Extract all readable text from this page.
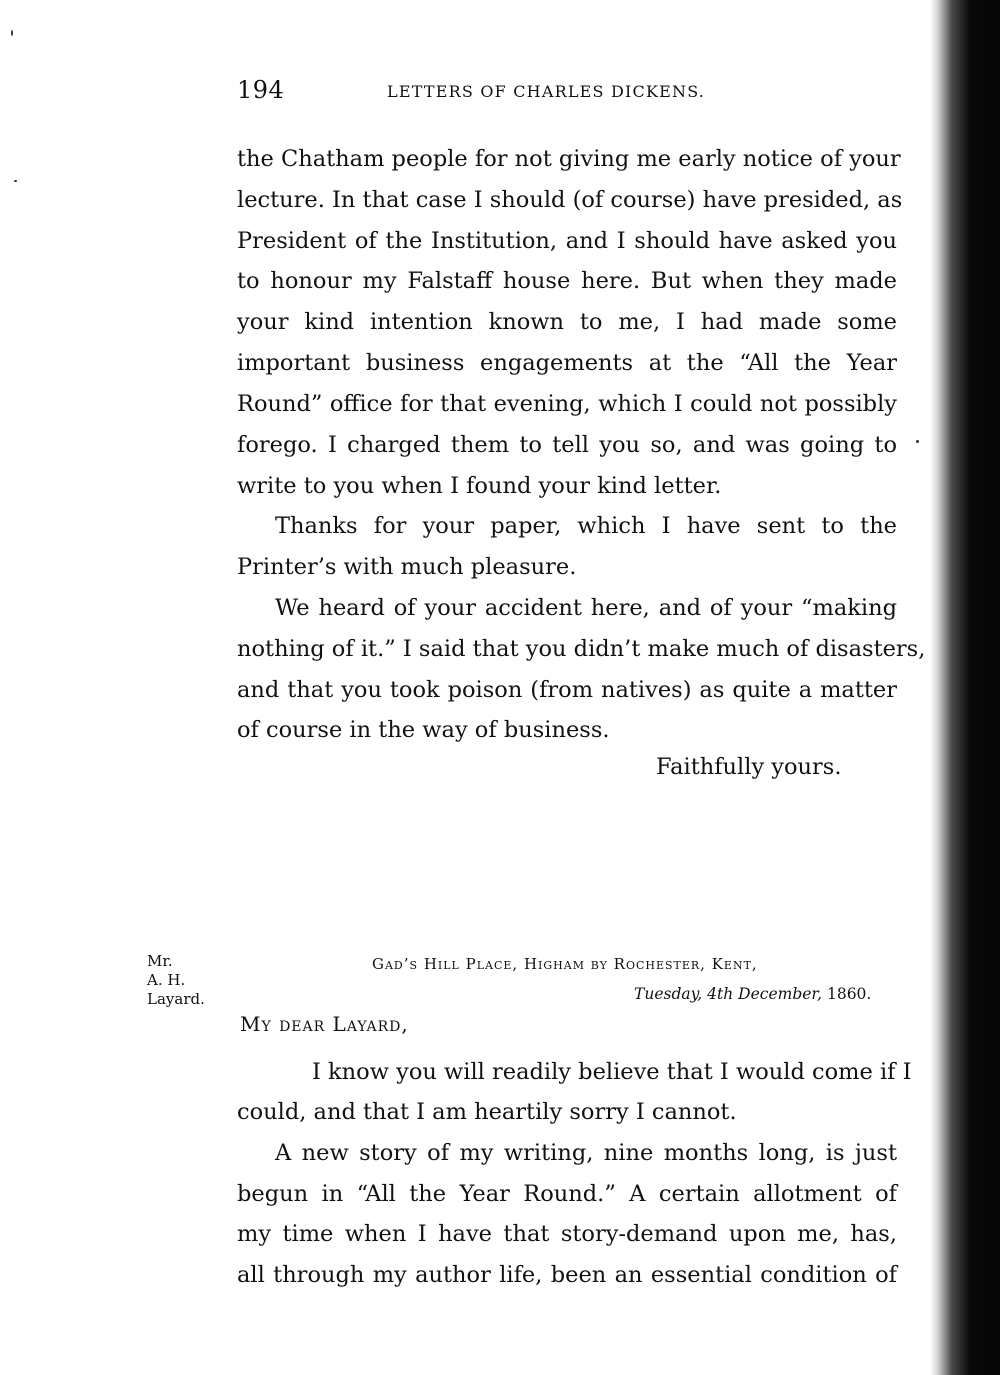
194	LETTERS OF CHARLES DICKENS.
the Chatham people for not giving me early notice of your
lecture. In that case I should (of course) have presided, as
President of the Institution, and I should have asked you
to honour my Falstaff house here. But when they made
your kind intention known to me, I had made some
important business engagements at the “All the Year
Round” office for that evening, which I could not possibly
forego. I charged them to tell you so, and was going to
write to you when I found your kind letter.
Thanks for your paper, which I have sent to the
Printer’s with much pleasure.
We heard of your accident here, and of your “making
nothing of it.” I said that you didn’t make much of disasters,
and that you took poison (from natives) as quite a matter
of course in the way of business.
Faithfully yours.
Mr.
A. H.
Layard.
Gad’s Hill Place, Higham by Rochester, Kent,
Tuesday, 4th December, 1860.
My dear Layard,
I know you will readily believe that I would come if I
could, and that I am heartily sorry I cannot.
A new story of my writing, nine months long, is just
begun in “All the Year Round.” A certain allotment of
my time when I have that story-demand upon me, has,
all through my author life, been an essential condition of
